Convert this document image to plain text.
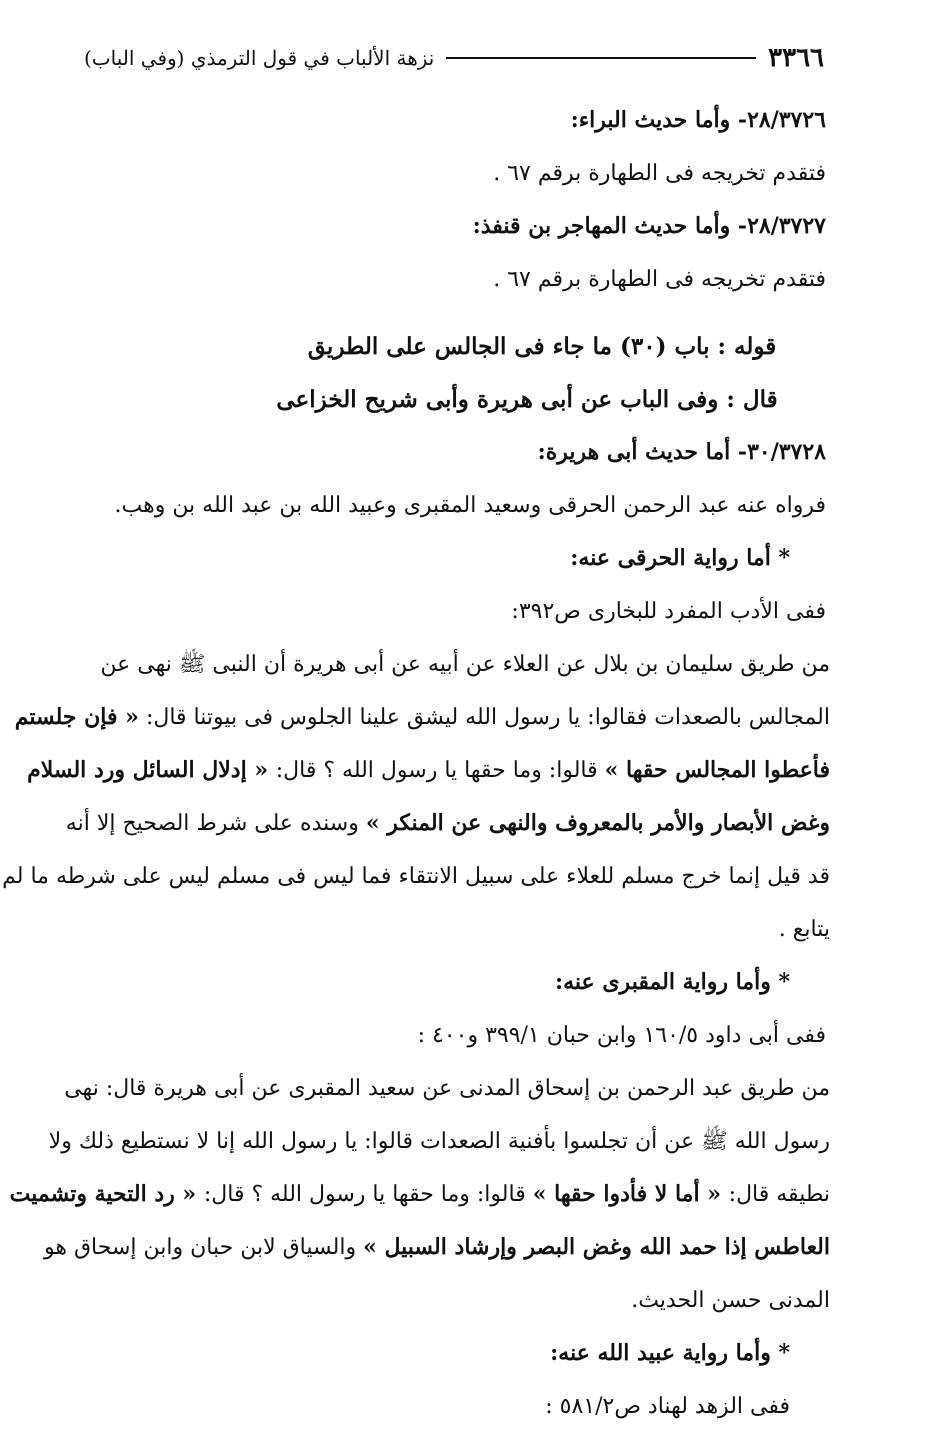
٣٣٦٦
نزهة الألباب في قول الترمذي (وفي الباب)
٢٨/٣٧٢٦- وأما حديث البراء:
فتقدم تخريجه فى الطهارة برقم ٦٧ .
٢٨/٣٧٢٧- وأما حديث المهاجر بن قنفذ:
فتقدم تخريجه فى الطهارة برقم ٦٧ .
قوله : باب (٣٠) ما جاء فى الجالس على الطريق
قال : وفى الباب عن أبى هريرة وأبى شريح الخزاعى
٣٠/٣٧٢٨- أما حديث أبى هريرة:
فرواه عنه عبد الرحمن الحرقى وسعيد المقبرى وعبيد الله بن عبد الله بن وهب.
* أما رواية الحرقى عنه:
ففى الأدب المفرد للبخارى ص٣٩٢:
من طريق سليمان بن بلال عن العلاء عن أبيه عن أبى هريرة أن النبى ﷺ نهى عن
المجالس بالصعدات فقالوا: يا رسول الله ليشق علينا الجلوس فى بيوتنا قال: « فإن جلستم
فأعطوا المجالس حقها » قالوا: وما حقها يا رسول الله ؟ قال: « إدلال السائل ورد السلام
وغض الأبصار والأمر بالمعروف والنهى عن المنكر » وسنده على شرط الصحيح إلا أنه
قد قيل إنما خرج مسلم للعلاء على سبيل الانتقاء فما ليس فى مسلم ليس على شرطه ما لم
يتابع .
* وأما رواية المقبرى عنه:
ففى أبى داود ١٦٠/٥ وابن حبان ٣٩٩/١ و٤٠٠ :
من طريق عبد الرحمن بن إسحاق المدنى عن سعيد المقبرى عن أبى هريرة قال: نهى
رسول الله ﷺ عن أن تجلسوا بأفنية الصعدات قالوا: يا رسول الله إنا لا نستطيع ذلك ولا
نطيقه قال: « أما لا فأدوا حقها » قالوا: وما حقها يا رسول الله ؟ قال: « رد التحية وتشميت
العاطس إذا حمد الله وغض البصر وإرشاد السبيل » والسياق لابن حبان وابن إسحاق هو
المدنى حسن الحديث.
* وأما رواية عبيد الله عنه:
ففى الزهد لهناد ص٥٨١/٢ :
